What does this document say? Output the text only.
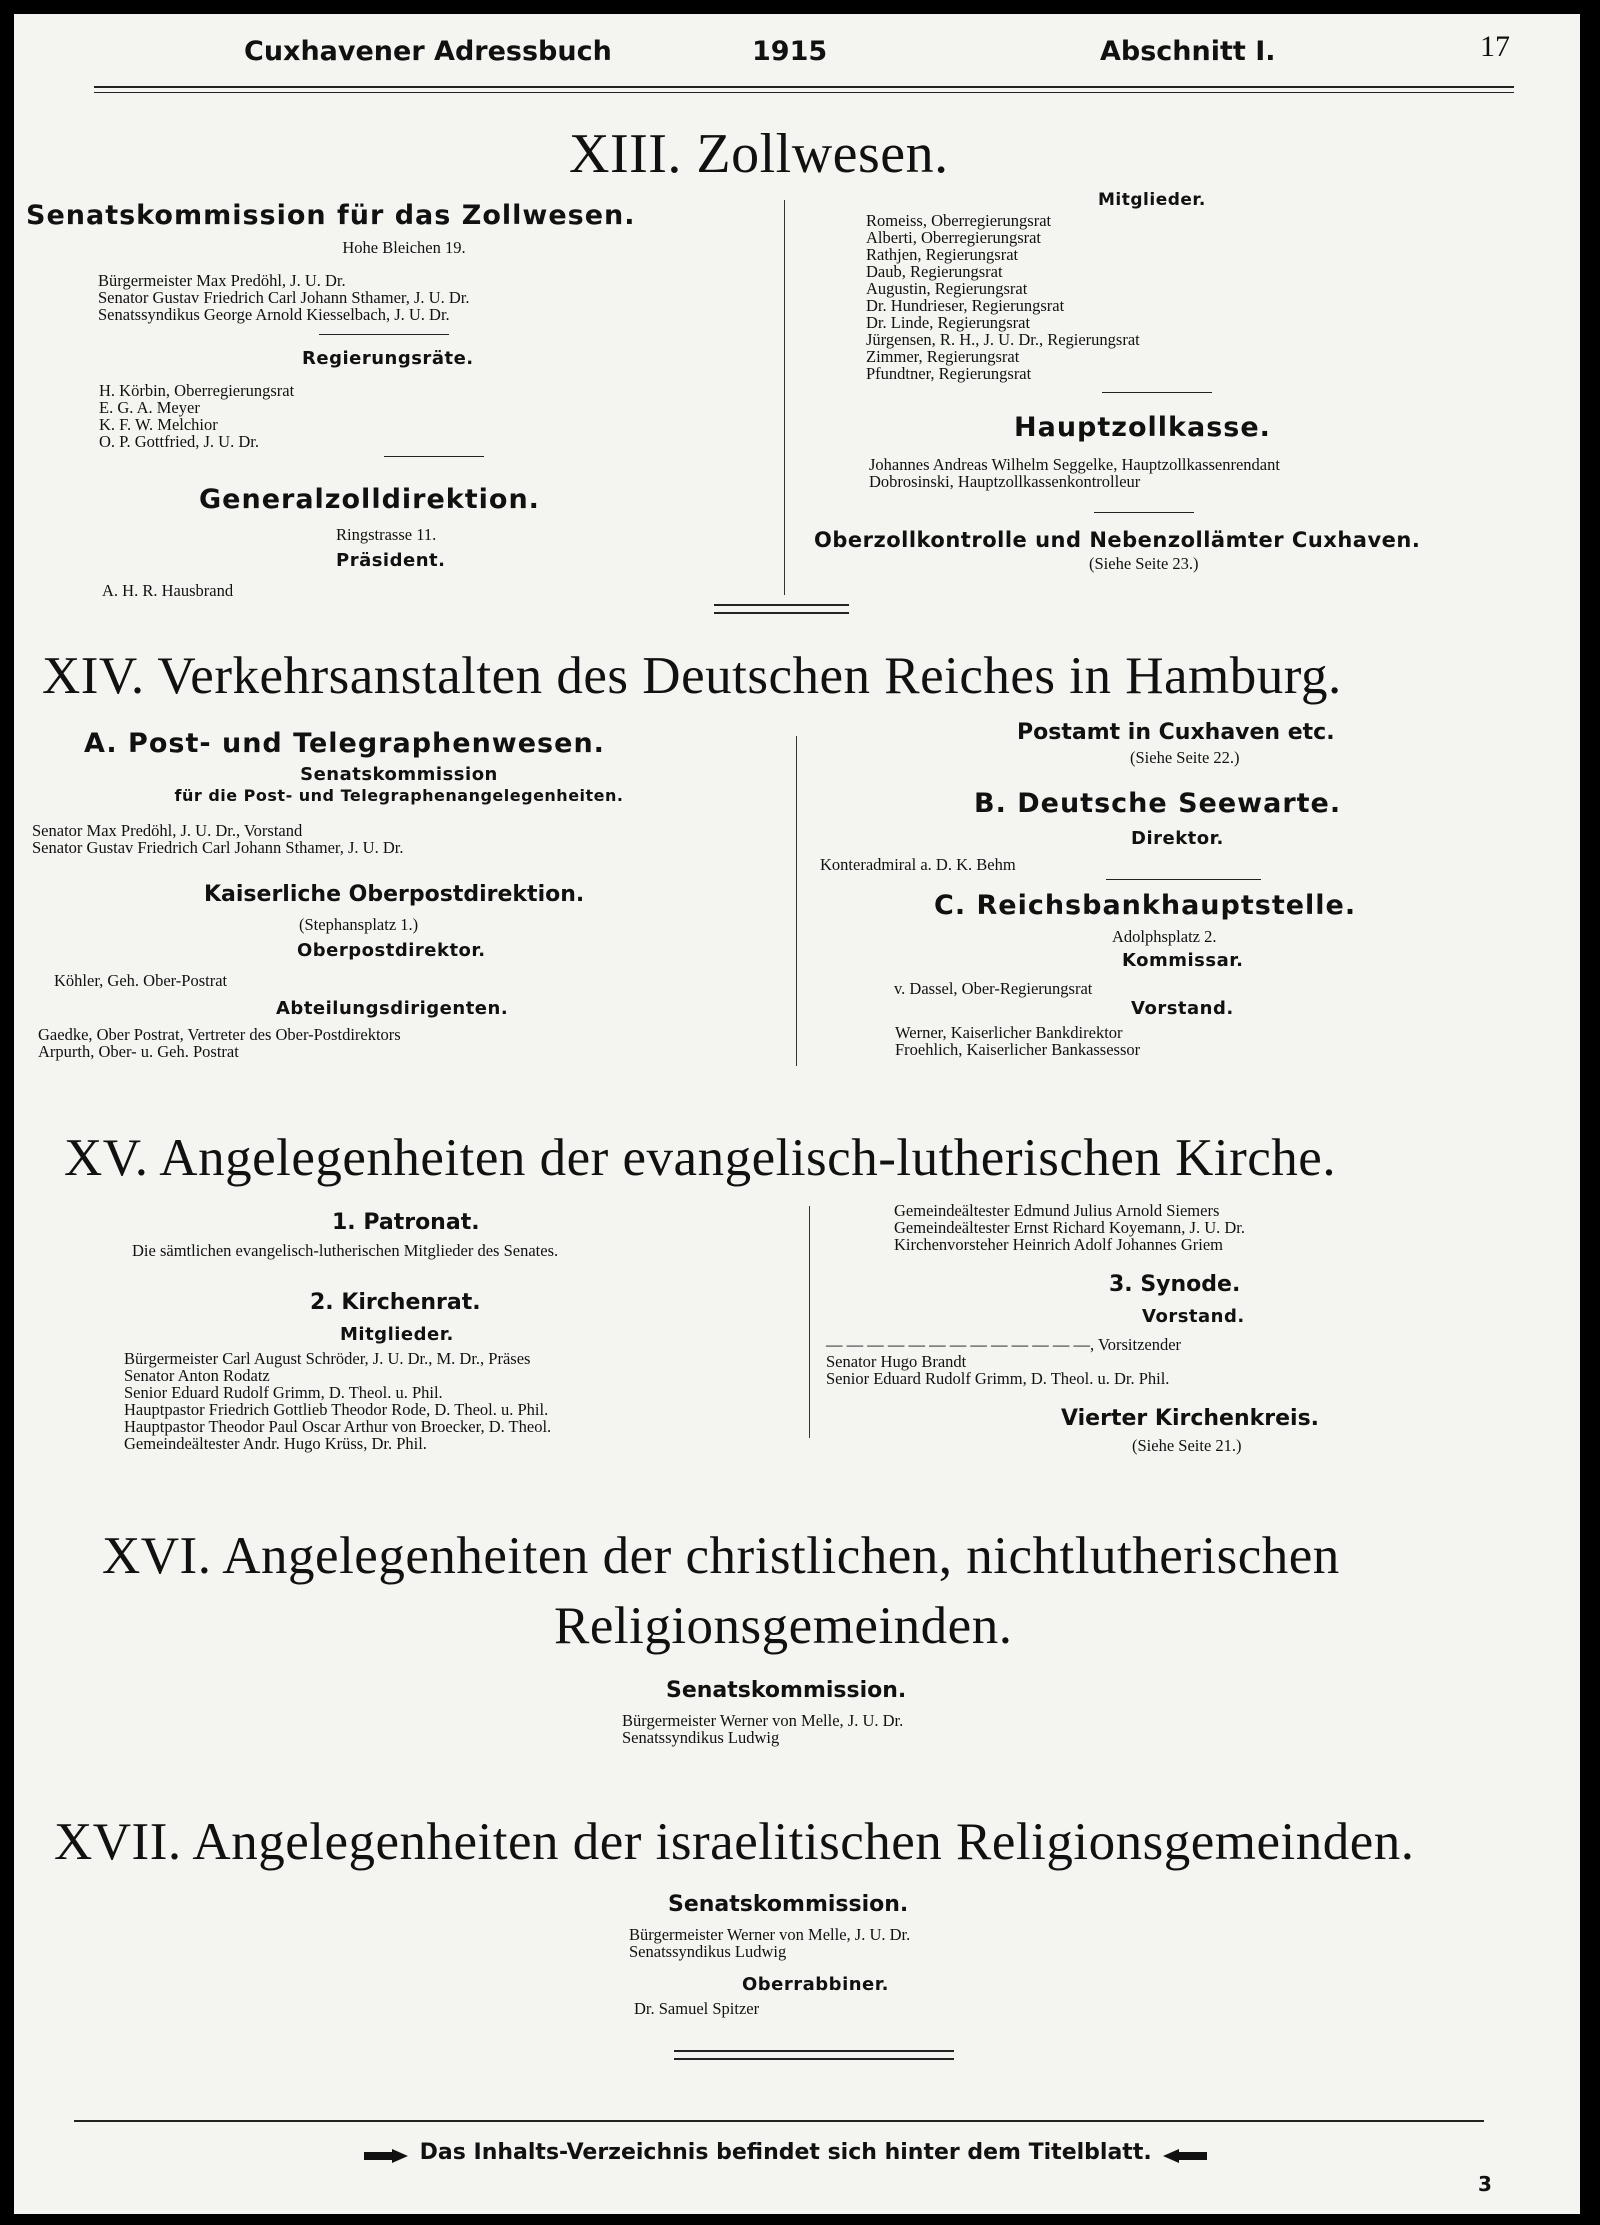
Cuxhavener Adressbuch	1915	Abschnitt I.	17
XIII. Zollwesen.
Senatskommission für das Zollwesen.
Hohe Bleichen 19.
Bürgermeister Max Predöhl, J. U. Dr.
Senator Gustav Friedrich Carl Johann Sthamer, J. U. Dr.
Senatssyndikus George Arnold Kiesselbach, J. U. Dr.
Regierungsräte.
H. Körbin, Oberregierungsrat
E. G. A. Meyer
K. F. W. Melchior
O. P. Gottfried, J. U. Dr.
Generalzolldirektion.
Ringstrasse 11.
Präsident.
A. H. R. Hausbrand
Mitglieder.
Romeiss, Oberregierungsrat
Alberti, Oberregierungsrat
Rathjen, Regierungsrat
Daub, Regierungsrat
Augustin, Regierungsrat
Dr. Hundrieser, Regierungsrat
Dr. Linde, Regierungsrat
Jürgensen, R. H., J. U. Dr., Regierungsrat
Zimmer, Regierungsrat
Pfundtner, Regierungsrat
Hauptzollkasse.
Johannes Andreas Wilhelm Seggelke, Hauptzollkassenrendant
Dobrosinski, Hauptzollkassenkontrolleur
Oberzollkontrolle und Nebenzollämter Cuxhaven.
(Siehe Seite 23.)
XIV. Verkehrsanstalten des Deutschen Reiches in Hamburg.
A. Post- und Telegraphenwesen.
Senatskommission
für die Post- und Telegraphenangelegenheiten.
Senator Max Predöhl, J. U. Dr., Vorstand
Senator Gustav Friedrich Carl Johann Sthamer, J. U. Dr.
Kaiserliche Oberpostdirektion.
(Stephansplatz 1.)
Oberpostdirektor.
Köhler, Geh. Ober-Postrat
Abteilungsdirigenten.
Gaedke, Ober Postrat, Vertreter des Ober-Postdirektors
Arpurth, Ober- u. Geh. Postrat
Postamt in Cuxhaven etc.
(Siehe Seite 22.)
B. Deutsche Seewarte.
Direktor.
Konteradmiral a. D. K. Behm
C. Reichsbankhauptstelle.
Adolphsplatz 2.
Kommissar.
v. Dassel, Ober-Regierungsrat
Vorstand.
Werner, Kaiserlicher Bankdirektor
Froehlich, Kaiserlicher Bankassessor
XV. Angelegenheiten der evangelisch-lutherischen Kirche.
1. Patronat.
Die sämtlichen evangelisch-lutherischen Mitglieder des Senates.
2. Kirchenrat.
Mitglieder.
Bürgermeister Carl August Schröder, J. U. Dr., M. Dr., Präses
Senator Anton Rodatz
Senior Eduard Rudolf Grimm, D. Theol. u. Phil.
Hauptpastor Friedrich Gottlieb Theodor Rode, D. Theol. u. Phil.
Hauptpastor Theodor Paul Oscar Arthur von Broecker, D. Theol.
Gemeindeältester Andr. Hugo Krüss, Dr. Phil.
Gemeindeältester Edmund Julius Arnold Siemers
Gemeindeältester Ernst Richard Koyemann, J. U. Dr.
Kirchenvorsteher Heinrich Adolf Johannes Griem
3. Synode.
Vorstand.
— — — — — — — — — — — — —, Vorsitzender
Senator Hugo Brandt
Senior Eduard Rudolf Grimm, D. Theol. u. Dr. Phil.
Vierter Kirchenkreis.
(Siehe Seite 21.)
XVI. Angelegenheiten der christlichen, nichtlutherischen
Religionsgemeinden.
Senatskommission.
Bürgermeister Werner von Melle, J. U. Dr.
Senatssyndikus Ludwig
XVII. Angelegenheiten der israelitischen Religionsgemeinden.
Senatskommission.
Bürgermeister Werner von Melle, J. U. Dr.
Senatssyndikus Ludwig
Oberrabbiner.
Dr. Samuel Spitzer
Das Inhalts-Verzeichnis befindet sich hinter dem Titelblatt.
3
